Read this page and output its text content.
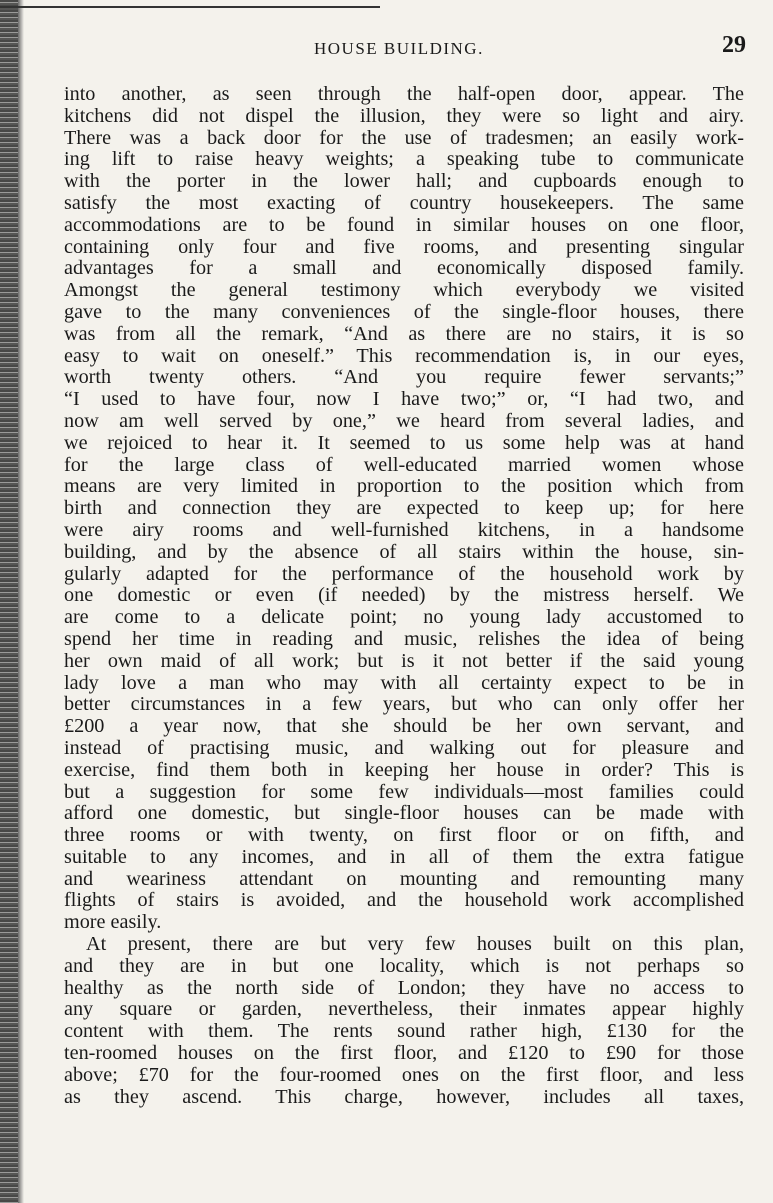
HOUSE BUILDING.	29
into another, as seen through the half-open door, appear. The
kitchens did not dispel the illusion, they were so light and airy.
There was a back door for the use of tradesmen; an easily work-
ing lift to raise heavy weights; a speaking tube to communicate
with the porter in the lower hall; and cupboards enough to
satisfy the most exacting of country housekeepers. The same
accommodations are to be found in similar houses on one floor,
containing only four and five rooms, and presenting singular
advantages for a small and economically disposed family.
Amongst the general testimony which everybody we visited
gave to the many conveniences of the single-floor houses, there
was from all the remark, “And as there are no stairs, it is so
easy to wait on oneself.” This recommendation is, in our eyes,
worth twenty others. “And you require fewer servants;”
“I used to have four, now I have two;” or, “I had two, and
now am well served by one,” we heard from several ladies, and
we rejoiced to hear it. It seemed to us some help was at hand
for the large class of well-educated married women whose
means are very limited in proportion to the position which from
birth and connection they are expected to keep up; for here
were airy rooms and well-furnished kitchens, in a handsome
building, and by the absence of all stairs within the house, sin-
gularly adapted for the performance of the household work by
one domestic or even (if needed) by the mistress herself. We
are come to a delicate point; no young lady accustomed to
spend her time in reading and music, relishes the idea of being
her own maid of all work; but is it not better if the said young
lady love a man who may with all certainty expect to be in
better circumstances in a few years, but who can only offer her
£200 a year now, that she should be her own servant, and
instead of practising music, and walking out for pleasure and
exercise, find them both in keeping her house in order? This is
but a suggestion for some few individuals—most families could
afford one domestic, but single-floor houses can be made with
three rooms or with twenty, on first floor or on fifth, and
suitable to any incomes, and in all of them the extra fatigue
and weariness attendant on mounting and remounting many
flights of stairs is avoided, and the household work accomplished
more easily.
At present, there are but very few houses built on this plan,
and they are in but one locality, which is not perhaps so
healthy as the north side of London; they have no access to
any square or garden, nevertheless, their inmates appear highly
content with them. The rents sound rather high, £130 for the
ten-roomed houses on the first floor, and £120 to £90 for those
above; £70 for the four-roomed ones on the first floor, and less
as they ascend. This charge, however, includes all taxes,
